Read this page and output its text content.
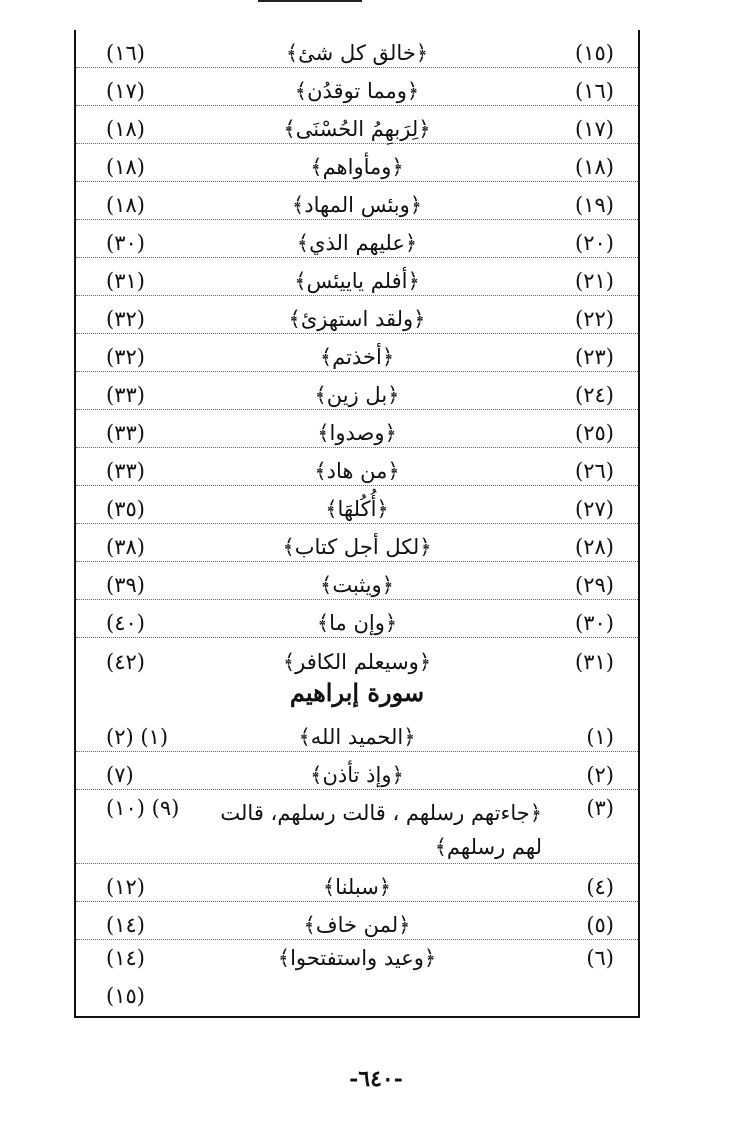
(١٥)
﴿خالق كل شئ﴾
(١٦)
(١٦)
﴿ومما توقدُن﴾
(١٧)
(١٧)
﴿لِرَبهِمُ الحُسْنَى﴾
(١٨)
(١٨)
﴿ومأواهم﴾
(١٨)
(١٩)
﴿وبئس المهاد﴾
(١٨)
(٢٠)
﴿عليهم الذي﴾
(٣٠)
(٢١)
﴿أفلم ياييئس﴾
(٣١)
(٢٢)
﴿ولقد استهزئ﴾
(٣٢)
(٢٣)
﴿أخذتم﴾
(٣٢)
(٢٤)
﴿بل زين﴾
(٣٣)
(٢٥)
﴿وصدوا﴾
(٣٣)
(٢٦)
﴿من هاد﴾
(٣٣)
(٢٧)
﴿أُكُلهَا﴾
(٣٥)
(٢٨)
﴿لكل أجل كتاب﴾
(٣٨)
(٢٩)
﴿ويثبت﴾
(٣٩)
(٣٠)
﴿وإن ما﴾
(٤٠)
(٣١)
﴿وسيعلم الكافر﴾
(٤٢)
سورة إبراهيم
(١)
﴿الحميد الله﴾
(١) (٢)
(٢)
﴿وإذ تأذن﴾
(٧)
(٣)
﴿جاءتهم رسلهم ، قالت رسلهم، قالت لهم رسلهم﴾
(٩) (١٠)
(٤)
﴿سبلنا﴾
(١٢)
(٥)
﴿لمن خاف﴾
(١٤)
(٦)
﴿وعيد واستفتحوا﴾
(١٤)
(١٥)
-٦٤٠-
